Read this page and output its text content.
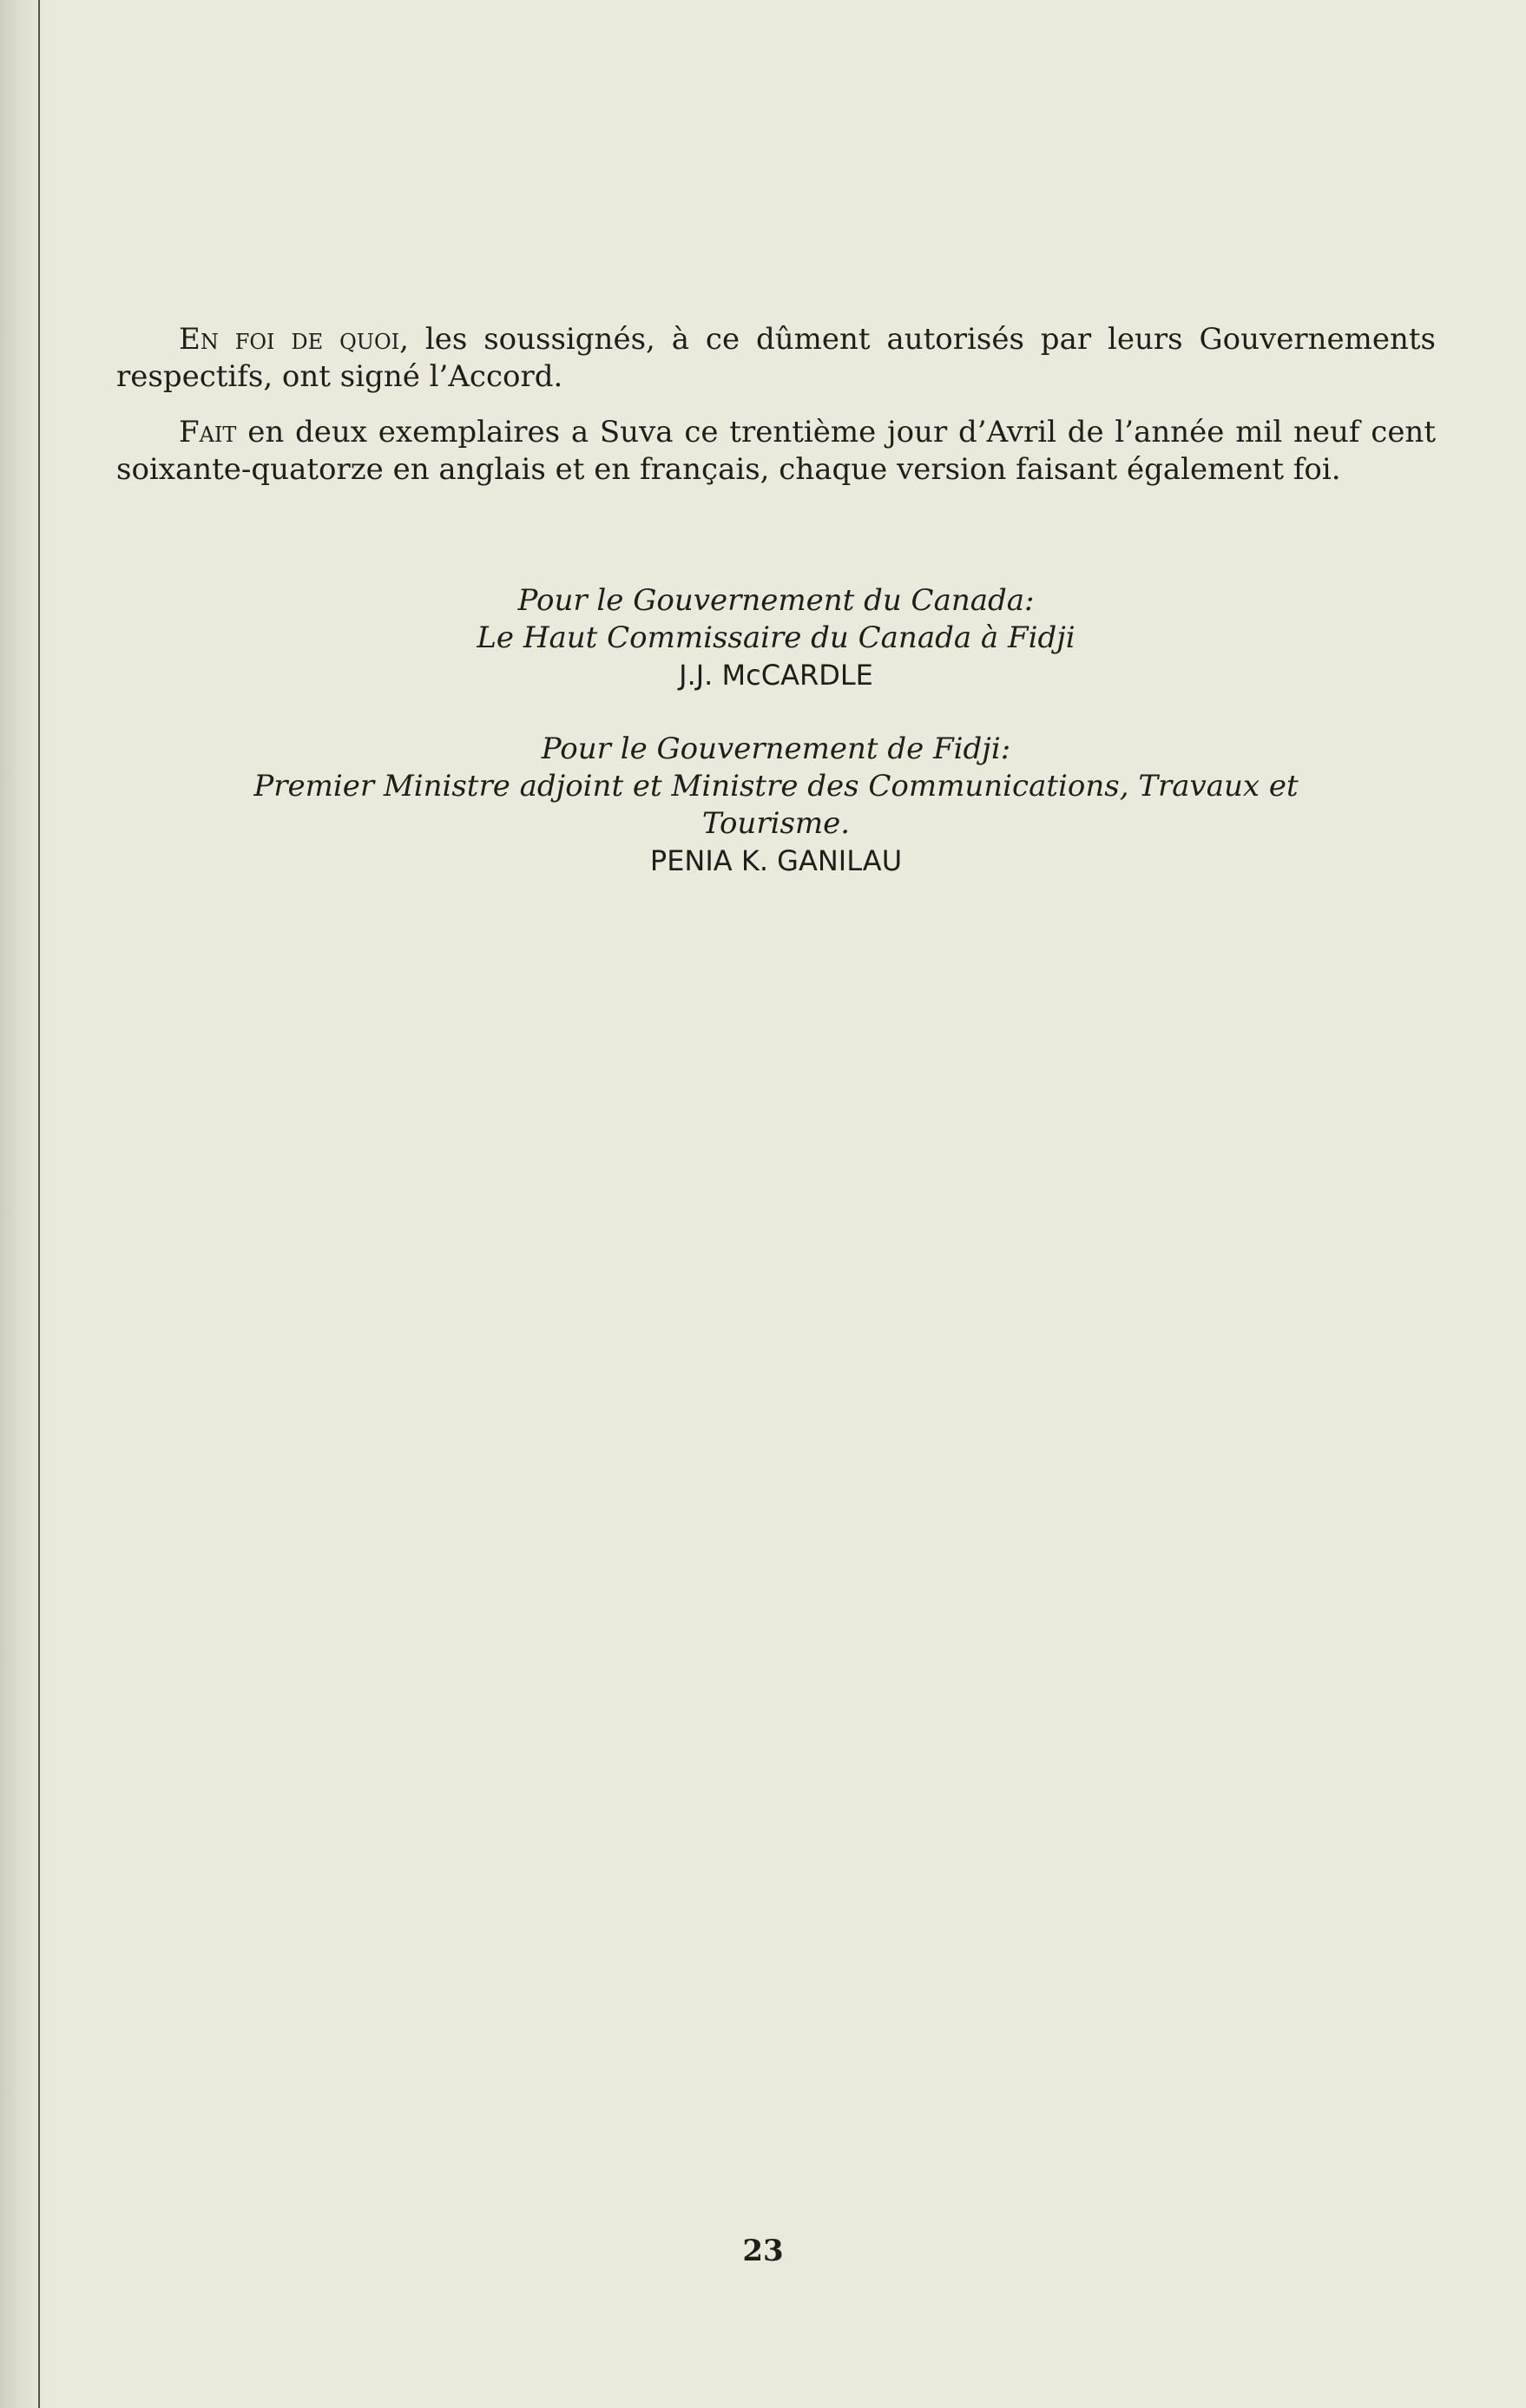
En foi de quoi, les soussignés, à ce dûment autorisés par leurs Gouvernements respectifs, ont signé l’Accord.

Fait en deux exemplaires a Suva ce trentième jour d’Avril de l’année mil neuf cent soixante-quatorze en anglais et en français, chaque version faisant également foi.

Pour le Gouvernement du Canada:
Le Haut Commissaire du Canada à Fidji
J.J. McCARDLE
Pour le Gouvernement de Fidji:
Premier Ministre adjoint et Ministre des Communications, Travaux et
Tourisme.
PENIA K. GANILAU
23
